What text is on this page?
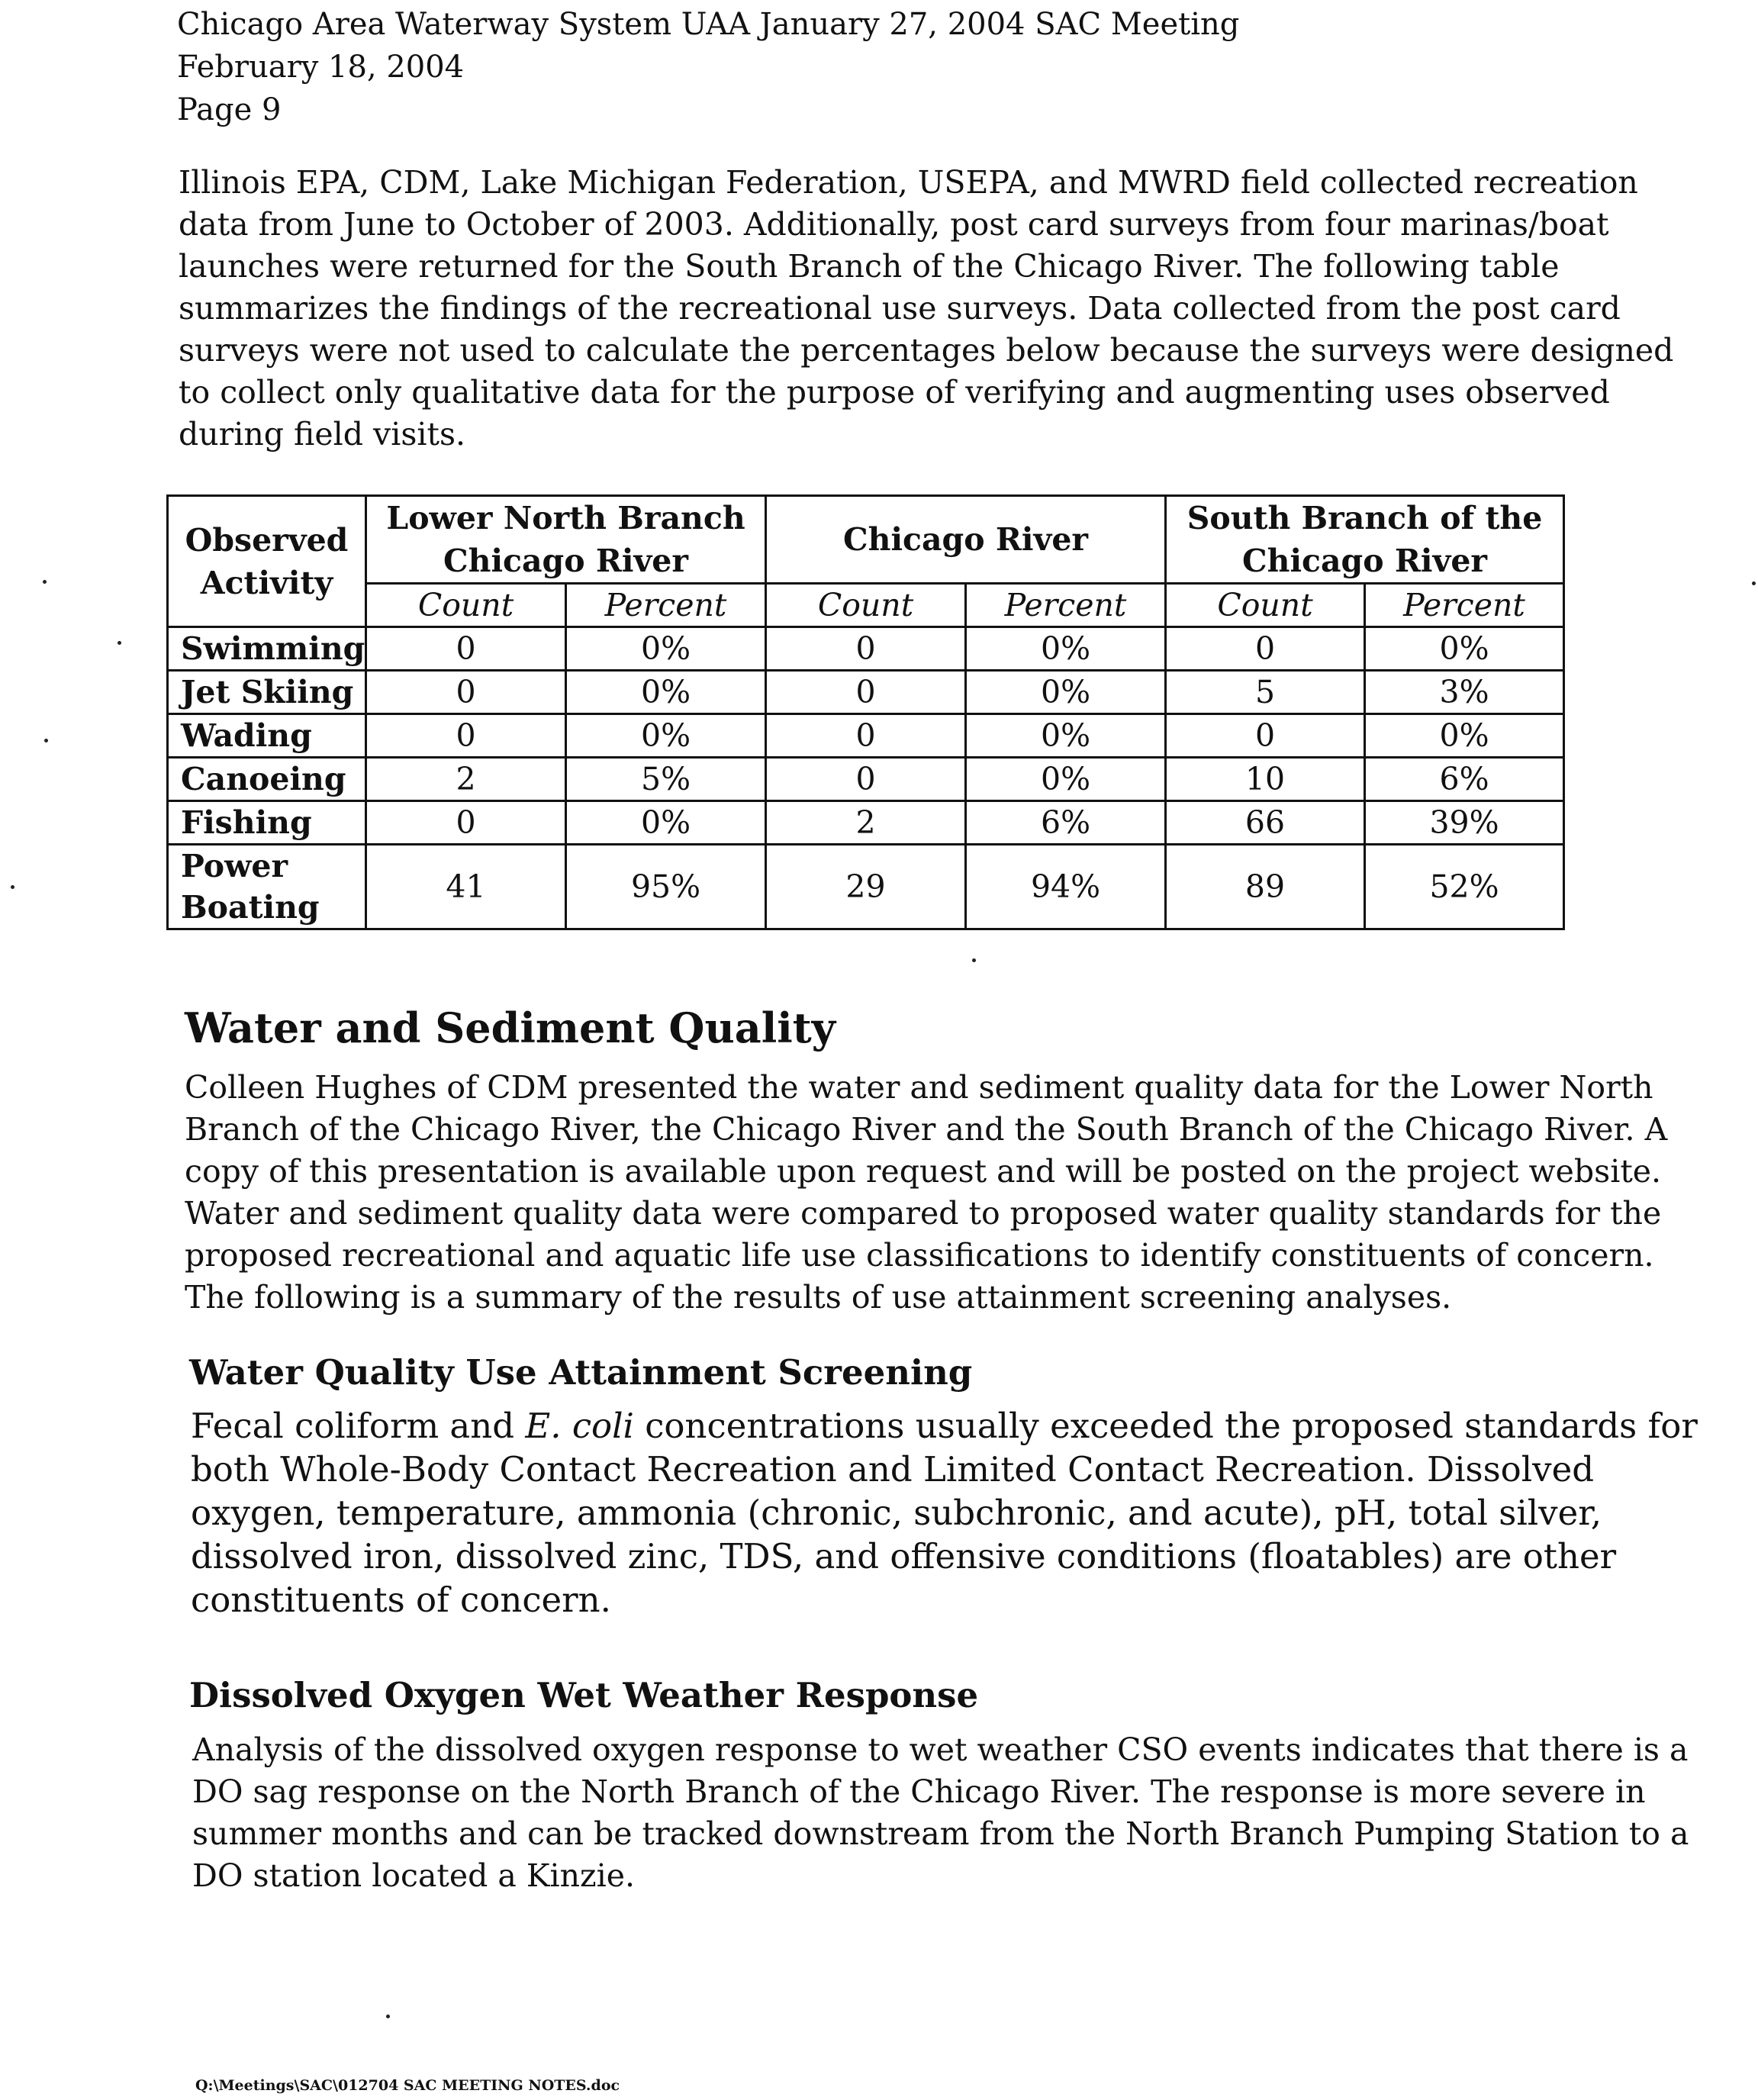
Chicago Area Waterway System UAA January 27, 2004 SAC Meeting
February 18, 2004
Page 9
Illinois EPA, CDM, Lake Michigan Federation, USEPA, and MWRD field collected recreation
data from June to October of 2003. Additionally, post card surveys from four marinas/boat
launches were returned for the South Branch of the Chicago River. The following table
summarizes the findings of the recreational use surveys. Data collected from the post card
surveys were not used to calculate the percentages below because the surveys were designed
to collect only qualitative data for the purpose of verifying and augmenting uses observed
during field visits.
Observed Activity	Lower North Branch Chicago River		Chicago River		South Branch of the Chicago River	
	Count	Percent	Count	Percent	Count	Percent
Swimming	0	0%	0	0%	0	0%
Jet Skiing	0	0%	0	0%	5	3%
Wading	0	0%	0	0%	0	0%
Canoeing	2	5%	0	0%	10	6%
Fishing	0	0%	2	6%	66	39%
Power Boating	41	95%	29	94%	89	52%
Water and Sediment Quality
Colleen Hughes of CDM presented the water and sediment quality data for the Lower North
Branch of the Chicago River, the Chicago River and the South Branch of the Chicago River. A
copy of this presentation is available upon request and will be posted on the project website.
Water and sediment quality data were compared to proposed water quality standards for the
proposed recreational and aquatic life use classifications to identify constituents of concern.
The following is a summary of the results of use attainment screening analyses.
Water Quality Use Attainment Screening
Fecal coliform and E. coli concentrations usually exceeded the proposed standards for
both Whole-Body Contact Recreation and Limited Contact Recreation. Dissolved
oxygen, temperature, ammonia (chronic, subchronic, and acute), pH, total silver,
dissolved iron, dissolved zinc, TDS, and offensive conditions (floatables) are other
constituents of concern.
Dissolved Oxygen Wet Weather Response
Analysis of the dissolved oxygen response to wet weather CSO events indicates that there is a
DO sag response on the North Branch of the Chicago River. The response is more severe in
summer months and can be tracked downstream from the North Branch Pumping Station to a
DO station located a Kinzie.
Q:\Meetings\SAC\012704 SAC MEETING NOTES.doc
